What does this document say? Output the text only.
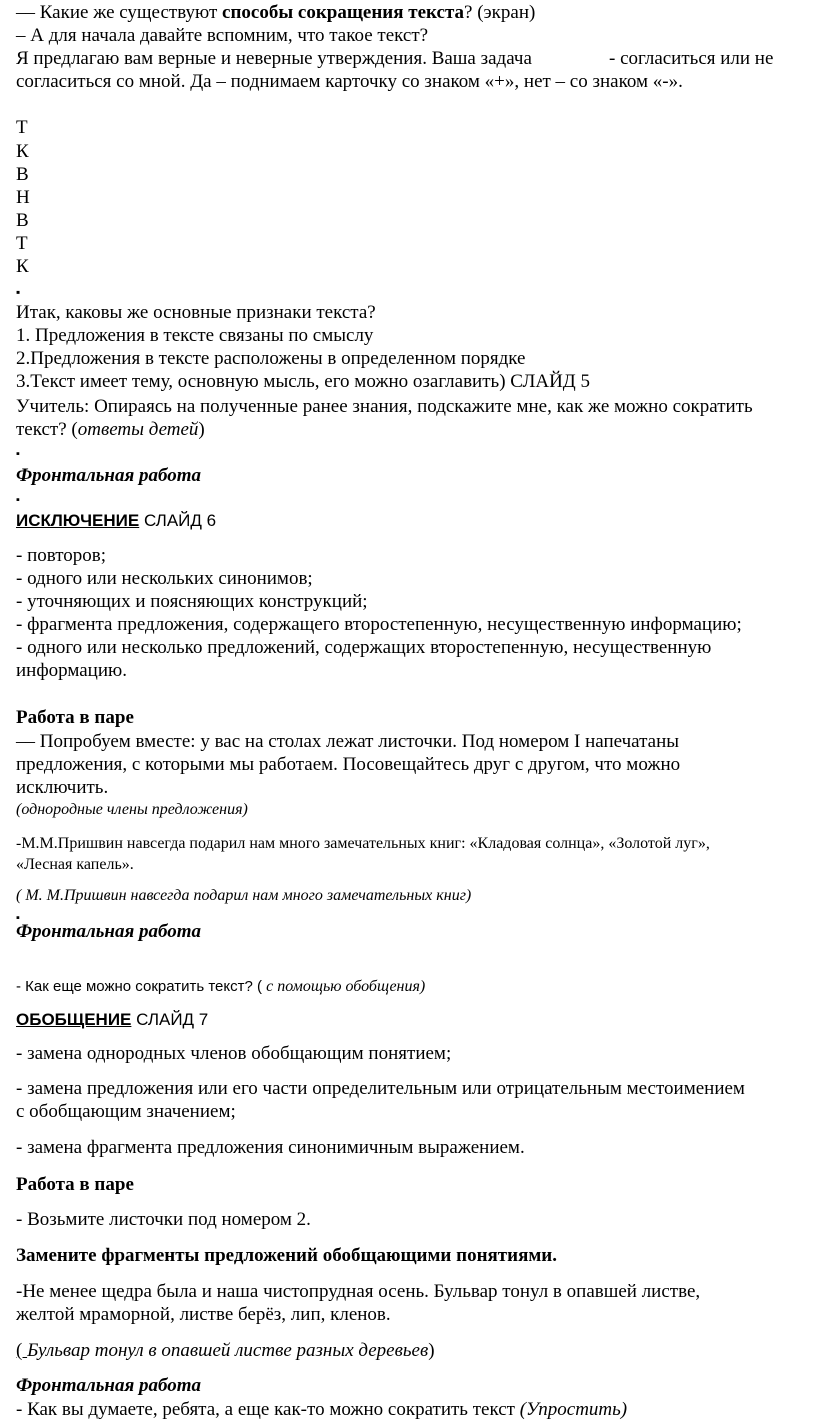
–– Какие же существуют способы сокращения текста? (экран)
– А для начала давайте вспомним, что такое текст?
Я предлагаю вам верные и неверные утверждения. Ваша задача	- согласиться или не
согласиться со мной. Да – поднимаем карточку со знаком «+», нет – со знаком «-».
Т
К
В
Н
В
Т
К
▪
Итак, каковы же основные признаки текста?
1. Предложения в тексте связаны по смыслу
2.Предложения в тексте расположены в определенном порядке
3.Текст имеет тему, основную мысль, его можно озаглавить) СЛАЙД 5
Учитель: Опираясь на полученные ранее знания, подскажите мне, как же можно сократить
текст? (ответы детей)
▪
Фронтальная работа
▪
ИСКЛЮЧЕНИЕ СЛАЙД 6
- повторов;
- одного или нескольких синонимов;
- уточняющих и поясняющих конструкций;
- фрагмента предложения, содержащего второстепенную, несущественную информацию;
- одного или несколько предложений, содержащих второстепенную, несущественную
информацию.
Работа в паре
–– Попробуем вместе: у вас на столах лежат листочки. Под номером I напечатаны
предложения, с которыми мы работаем. Посовещайтесь друг с другом, что можно
исключить.
(однородные члены предложения)
-М.М.Пришвин навсегда подарил нам много замечательных книг: «Кладовая солнца», «Золотой луг»,
«Лесная капель».
( М. М.Пришвин навсегда подарил нам много замечательных книг)
▪
Фронтальная работа
- Как еще можно сократить текст? ( с помощью обобщения)
ОБОБЩЕНИЕ СЛАЙД 7
- замена однородных членов обобщающим понятием;
- замена предложения или его части определительным или отрицательным местоимением
с обобщающим значением;
- замена фрагмента предложения синонимичным выражением.
Работа в паре
- Возьмите листочки под номером 2.
Замените фрагменты предложений обобщающими понятиями.
-Не менее щедра была и наша чистопрудная осень. Бульвар тонул в опавшей листве,
желтой мраморной, листве берёз, лип, кленов.
( Бульвар тонул в опавшей листве разных деревьев)
Фронтальная работа
- Как вы думаете, ребята, а еще как-то можно сократить текст (Упростить)
